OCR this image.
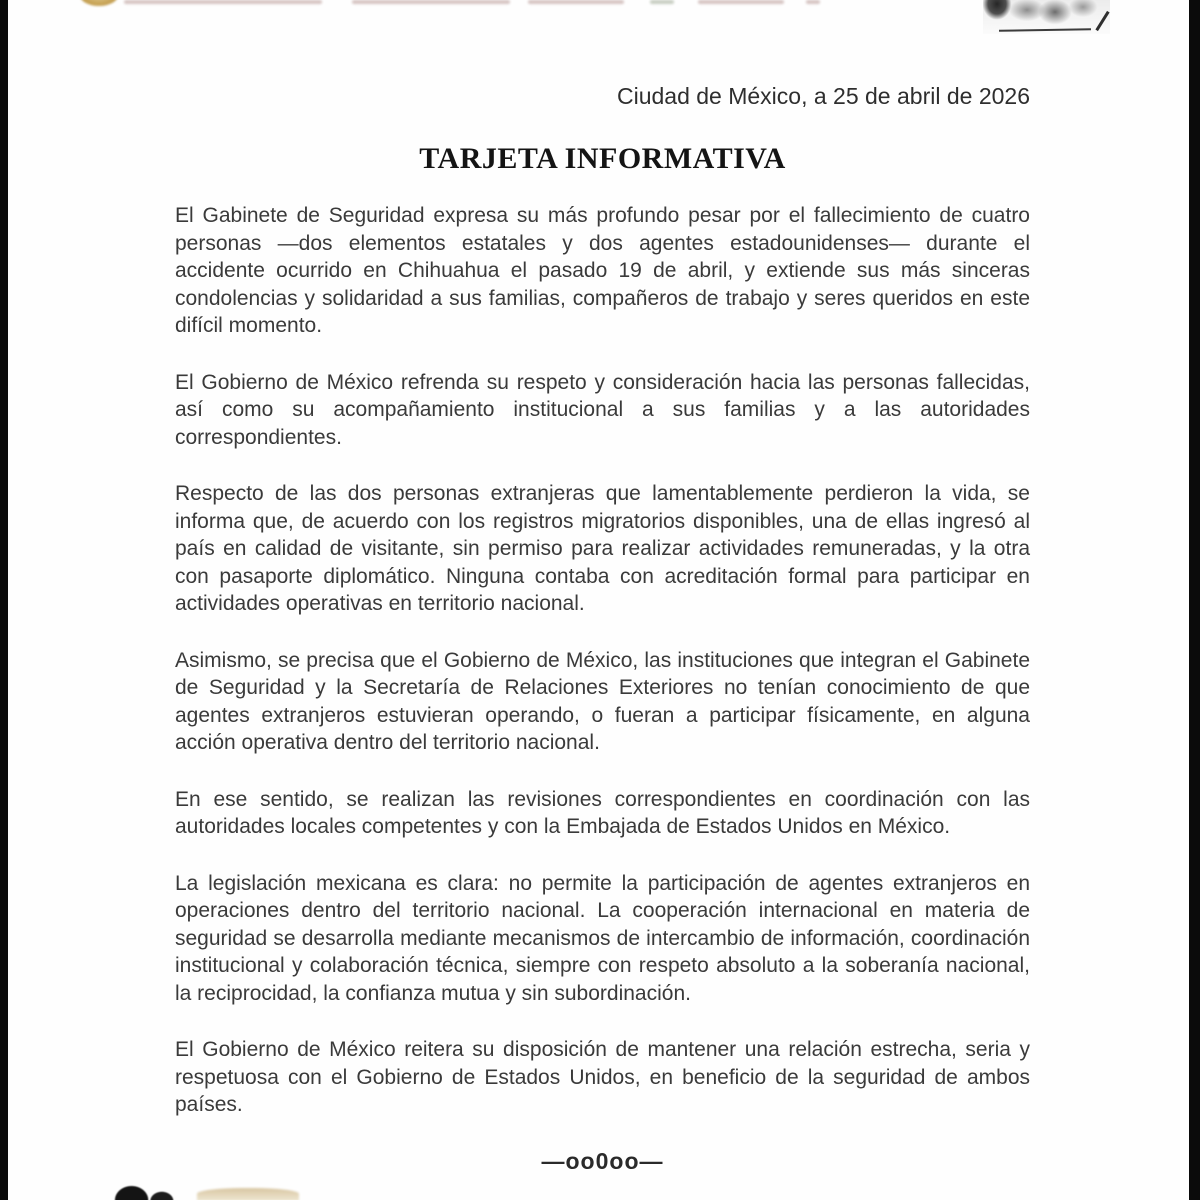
Ciudad de México, a 25 de abril de 2026
TARJETA INFORMATIVA

El Gabinete de Seguridad expresa su más profundo pesar por el fallecimiento de cuatro personas —dos elementos estatales y dos agentes estadounidenses— durante el accidente ocurrido en Chihuahua el pasado 19 de abril, y extiende sus más sinceras condolencias y solidaridad a sus familias, compañeros de trabajo y seres queridos en este difícil momento.

El Gobierno de México refrenda su respeto y consideración hacia las personas fallecidas, así como su acompañamiento institucional a sus familias y a las autoridades correspondientes.

Respecto de las dos personas extranjeras que lamentablemente perdieron la vida, se informa que, de acuerdo con los registros migratorios disponibles, una de ellas ingresó al país en calidad de visitante, sin permiso para realizar actividades remuneradas, y la otra con pasaporte diplomático. Ninguna contaba con acreditación formal para participar en actividades operativas en territorio nacional.

Asimismo, se precisa que el Gobierno de México, las instituciones que integran el Gabinete de Seguridad y la Secretaría de Relaciones Exteriores no tenían conocimiento de que agentes extranjeros estuvieran operando, o fueran a participar físicamente, en alguna acción operativa dentro del territorio nacional.

En ese sentido, se realizan las revisiones correspondientes en coordinación con las autoridades locales competentes y con la Embajada de Estados Unidos en México.

La legislación mexicana es clara: no permite la participación de agentes extranjeros en operaciones dentro del territorio nacional. La cooperación internacional en materia de seguridad se desarrolla mediante mecanismos de intercambio de información, coordinación institucional y colaboración técnica, siempre con respeto absoluto a la soberanía nacional, la reciprocidad, la confianza mutua y sin subordinación.

El Gobierno de México reitera su disposición de mantener una relación estrecha, seria y respetuosa con el Gobierno de Estados Unidos, en beneficio de la seguridad de ambos países.

—oo0oo—
